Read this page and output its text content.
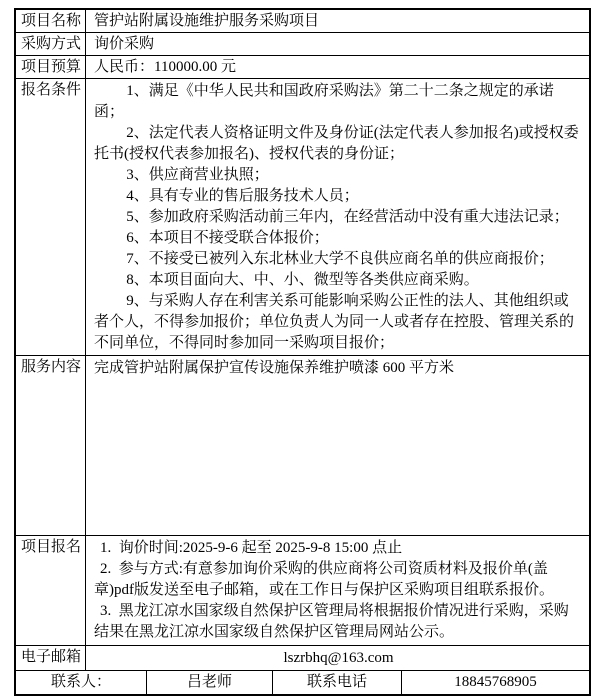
项目名称 管护站附属设施维护服务采购项目
采购方式 询价采购
项目预算 人民币：110000.00 元
报名条件	1、满足《中华人民共和国政府采购法》第二十二条之规定的承诺函；

2、法定代表人资格证明文件及身份证(法定代表人参加报名)或授权委托书(授权代表参加报名)、授权代表的身份证；

3、供应商营业执照；

4、具有专业的售后服务技术人员；

5、参加政府采购活动前三年内，在经营活动中没有重大违法记录；

6、本项目不接受联合体报价；

7、不接受已被列入东北林业大学不良供应商名单的供应商报价；

8、本项目面向大、中、小、微型等各类供应商采购。

9、与采购人存在利害关系可能影响采购公正性的法人、其他组织或者个人，不得参加报价；单位负责人为同一人或者存在控股、管理关系的不同单位，不得同时参加同一采购项目报价；

服务内容 完成管护站附属保护宣传设施保养维护喷漆 600 平方米
项目报名	1.  询价时间:2025-9-6 起至 2025-9-8 15:00 点止

2.  参与方式:有意参加询价采购的供应商将公司资质材料及报价单(盖章)pdf版发送至电子邮箱，或在工作日与保护区采购项目组联系报价。

3.  黑龙江凉水国家级自然保护区管理局将根据报价情况进行采购，采购结果在黑龙江凉水国家级自然保护区管理局网站公示。

电子邮箱	lszrbhq@163.com
联系人：	吕老师	联系电话	18845768905
